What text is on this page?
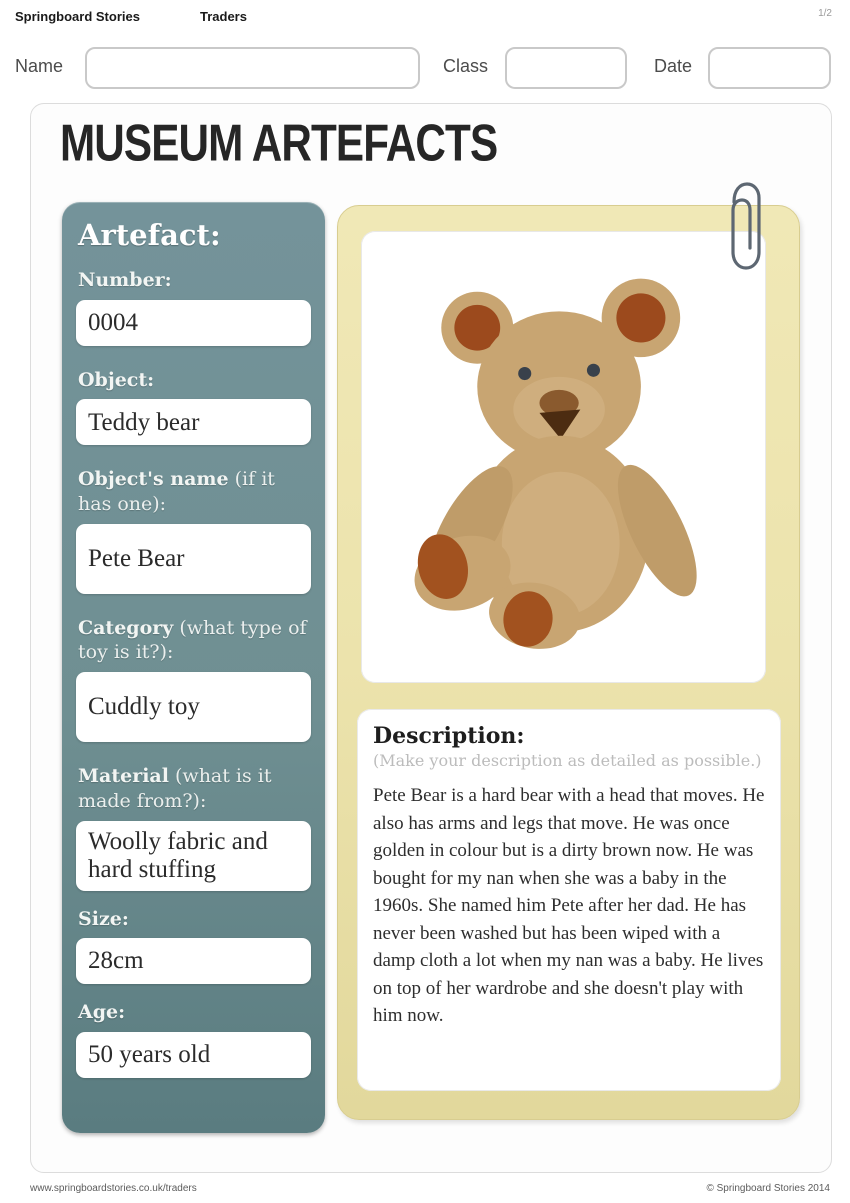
Springboard Stories	Traders	1/2
Name	Class	Date
MUSEUM ARTEFACTS
Artefact:
Number:
0004
Object:
Teddy bear
Object's name (if it has one):
Pete Bear
Category (what type of toy is it?):
Cuddly toy
Material (what is it made from?):
Woolly fabric and hard stuffing
Size:
28cm
Age:
50 years old
Description:
(Make your description as detailed as possible.)
Pete Bear is a hard bear with a head that moves. He also has arms and legs that move. He was once golden in colour but is a dirty brown now. He was bought for my nan when she was a baby in the 1960s. She named him Pete after her dad. He has never been washed but has been wiped with a damp cloth a lot when my nan was a baby. He lives on top of her wardrobe and she doesn't play with him now.
www.springboardstories.co.uk/traders	© Springboard Stories 2014
